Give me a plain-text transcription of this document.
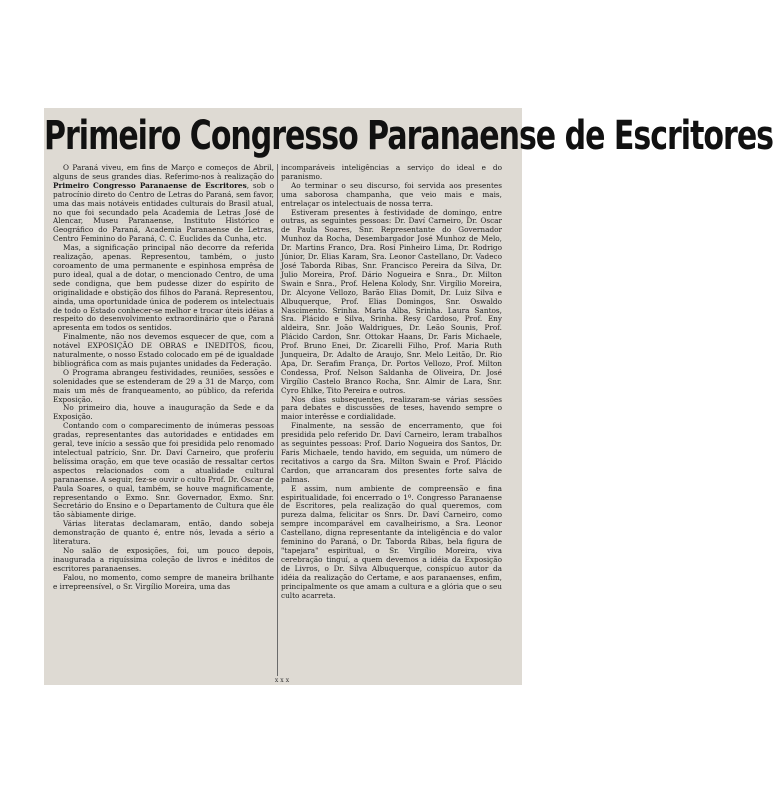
Primeiro Congresso Paranaense de Escritores

O Paraná viveu, em fins de Março e começos de Abril, alguns de seus grandes dias. Referimo-nos à realização do Primeiro Congresso Paranaense de Escritores, sob o patrocínio direto do Centro de Letras do Paraná, sem favor, uma das mais notáveis entidades culturais do Brasil atual, no que foi secundado pela Academia de Letras José de Alencar, Museu Paranaense, Instituto Histórico e Geográfico do Paraná, Academia Paranaense de Letras, Centro Feminino do Paraná, C. C. Euclides da Cunha, etc.

Mas, a significação principal não decorre da referida realização, apenas. Representou, também, o justo coroamento de uma permanente e espinhosa emprêsa de puro ideal, qual a de dotar, o mencionado Centro, de uma sede condigna, que bem pudesse dizer do espírito de originalidade e obstição dos filhos do Paraná. Representou, ainda, uma oportunidade única de poderem os intelectuais de todo o Estado conhecer-se melhor e trocar úteis idéias a respeito do desenvolvimento extraordinário que o Paraná apresenta em todos os sentidos.

Finalmente, não nos devemos esquecer de que, com a notável EXPOSIÇÃO DE OBRAS e INEDITOS, ficou, naturalmente, o nosso Estado colocado em pé de igualdade bibliográfica com as mais pujantes unidades da Federação.

O Programa abrangeu festividades, reuniões, sessões e solenidades que se estenderam de 29 a 31 de Março, com mais um mês de franqueamento, ao público, da referida Exposição.

No primeiro dia, houve a inauguração da Sede e da Exposição.

Contando com o comparecimento de inúmeras pessoas gradas, representantes das autoridades e entidades em geral, teve início a sessão que foi presidida pelo renomado intelectual patrício, Snr. Dr. Daví Carneiro, que proferiu belíssima oração, em que teve ocasião de ressaltar certos aspectos relacionados com a atualidade cultural paranaense. A seguir, fez-se ouvir o culto Prof. Dr. Oscar de Paula Soares, o qual, também, se houve magnificamente, representando o Exmo. Snr. Governador, Exmo. Snr. Secretário do Ensino e o Departamento de Cultura que êle tão sàbiamente dirige.

Várias literatas declamaram, então, dando sobeja demonstração de quanto é, entre nós, levada a sério a literatura.

No salão de exposições, foi, um pouco depois, inaugurada a riquíssima coleção de livros e inéditos de escritores paranaenses.

Falou, no momento, como sempre de maneira brilhante e irrepreensível, o Sr. Virgílio Moreira, uma das

incomparáveis inteligências a serviço do ideal e do paranismo.

Ao terminar o seu discurso, foi servida aos presentes uma saborosa champanha, que veio mais e mais, entrelaçar os intelectuais de nossa terra.

Estiveram presentes à festividade de domingo, entre outras, as seguintes pessoas: Dr. Daví Carneiro, Dr. Oscar de Paula Soares, Snr. Representante do Governador Munhoz da Rocha, Desembargador José Munhoz de Melo, Dr. Martins Franco, Dra. Rosí Pinheiro Lima, Dr. Rodrigo Júnior, Dr. Elias Karam, Sra. Leonor Castellano, Dr. Vadeco José Taborda Ribas, Snr. Francisco Pereira da Silva, Dr. Julio Moreira, Prof. Dário Nogueira e Snra., Dr. Milton Swain e Snra., Prof. Helena Kolody, Snr. Virgílio Moreira, Dr. Alcyone Vellozo, Barão Elias Domit, Dr. Luiz Silva e Albuquerque, Prof. Elias Domingos, Snr. Oswaldo Nascimento. Srinha. Maria Alba, Srinha. Laura Santos, Sra. Plácido e Silva, Srinha. Resy Cardoso, Prof. Eny aldeira, Snr. João Waldrigues, Dr. Leão Sounis, Prof. Plácido Cardon, Snr. Ottokar Haans, Dr. Faris Michaele, Prof. Bruno Enei, Dr. Zicarelli Filho, Prof. Maria Ruth Junqueira, Dr. Adalto de Araujo, Snr. Melo Leitão, Dr. Rio Apa, Dr. Serafim França, Dr. Portos Vellozo, Prof. Milton Condessa, Prof. Nelson Saldanha de Oliveira, Dr. José Virgílio Castelo Branco Rocha, Snr. Almir de Lara, Snr. Cyro Ehlke, Tito Pereira e outros.

Nos dias subsequentes, realizaram-se várias sessões para debates e discussões de teses, havendo sempre o maior interêsse e cordialidade.

Finalmente, na sessão de encerramento, que foi presidida pelo referido Dr. Daví Carneiro, leram trabalhos as seguintes pessoas: Prof. Dario Nogueira dos Santos, Dr. Faris Michaele, tendo havido, em seguida, um número de recitativos a cargo da Sra. Milton Swain e Prof. Plácido Cardon, que arrancaram dos presentes forte salva de palmas.

E assim, num ambiente de compreensão e fina espiritualidade, foi encerrado o 1º. Congresso Paranaense de Escritores, pela realização do qual queremos, com pureza dalma, felicitar os Snrs. Dr. Daví Carneiro, como sempre incomparável em cavalheirismo, a Sra. Leonor Castellano, digna representante da inteligência e do valor feminino do Paraná, o Dr. Taborda Ribas, bela figura de "tapejara" espiritual, o Sr. Virgílio Moreira, viva cerebração tinguí, a quem devemos a idéia da Exposição de Livros, o Dr. Silva Albuquerque, conspícuo autor da idéia da realização do Certame, e aos paranaenses, enfim, principalmente os que amam a cultura e a glória que o seu culto acarreta.

xxx
